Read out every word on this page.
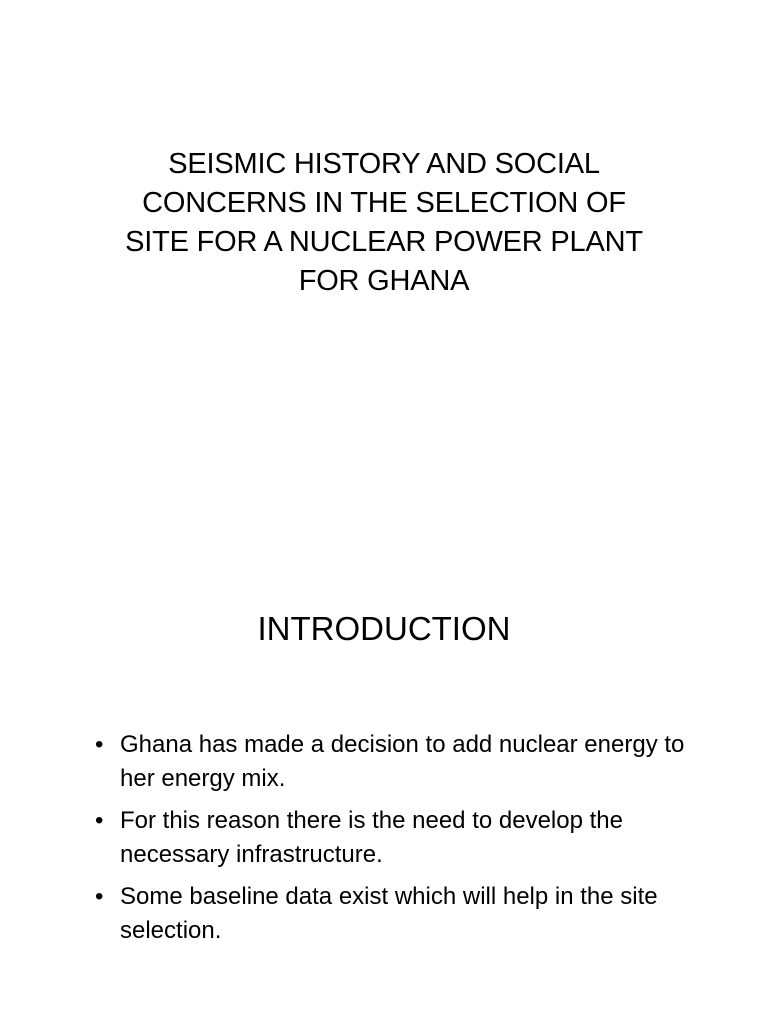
SEISMIC HISTORY AND SOCIAL
CONCERNS IN THE SELECTION OF
SITE FOR A NUCLEAR POWER PLANT
FOR GHANA
INTRODUCTION
• Ghana has made a decision to add nuclear energy to her energy mix.
• For this reason there is the need to develop the necessary infrastructure.
• Some baseline data exist which will help in the site selection.
